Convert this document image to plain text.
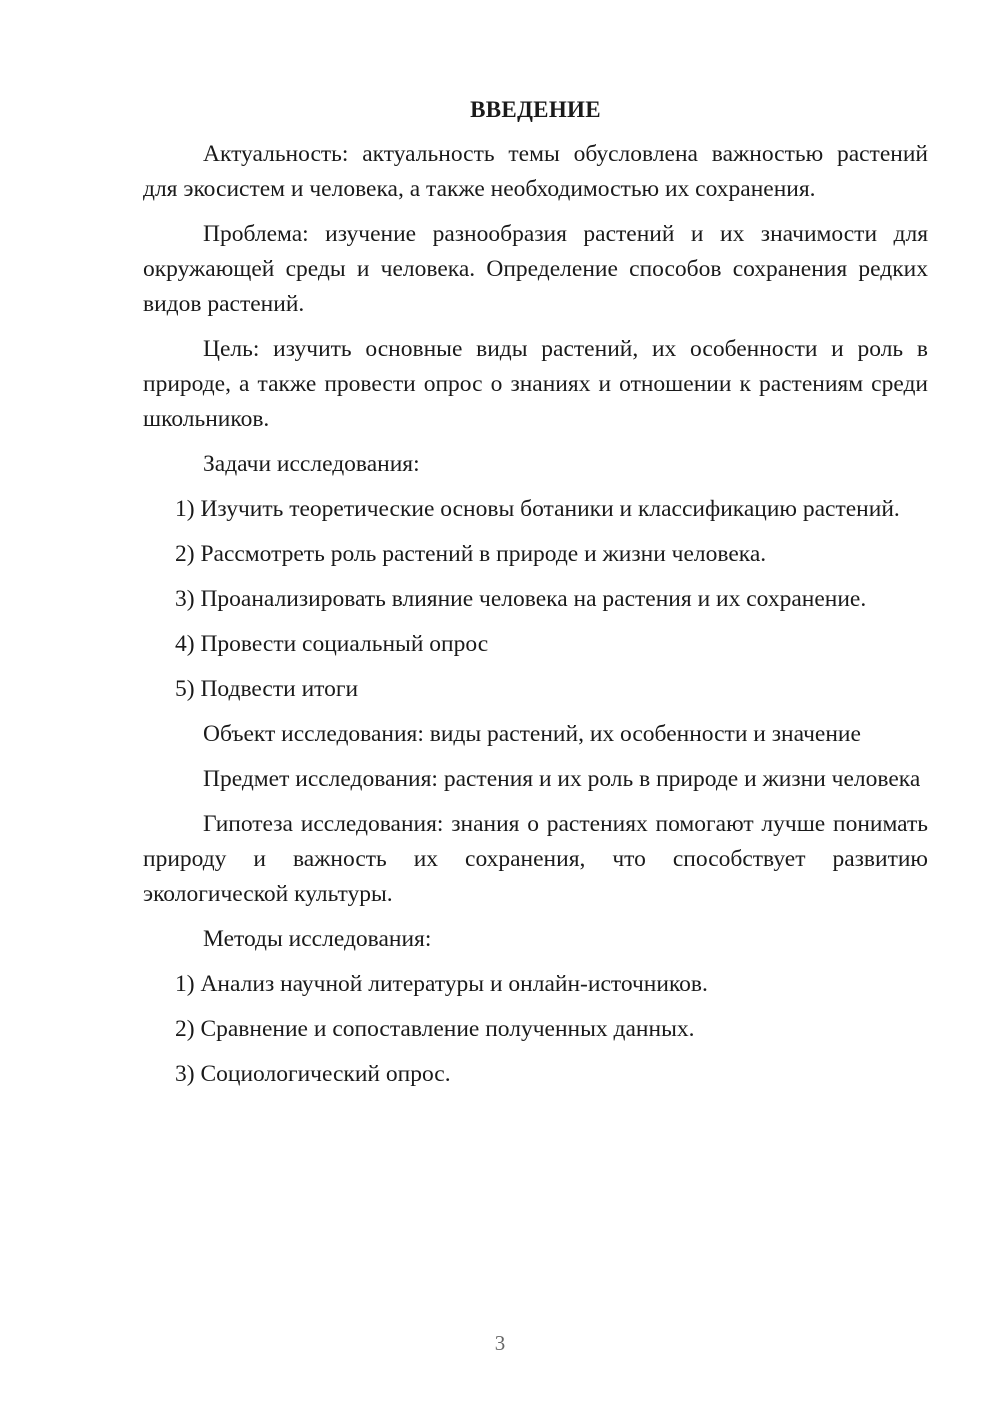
ВВЕДЕНИЕ

Актуальность: актуальность темы обусловлена важностью растений для экосистем и человека, а также необходимостью их сохранения.

Проблема: изучение разнообразия растений и их значимости для окружающей среды и человека. Определение способов сохранения редких видов растений.

Цель: изучить основные виды растений, их особенности и роль в природе, а также провести опрос о знаниях и отношении к растениям среди школьников.

Задачи исследования:

1) Изучить теоретические основы ботаники и классификацию растений.

2) Рассмотреть роль растений в природе и жизни человека.

3) Проанализировать влияние человека на растения и их сохранение.

4) Провести социальный опрос

5) Подвести итоги

Объект исследования: виды растений, их особенности и значение

Предмет исследования: растения и их роль в природе и жизни человека

Гипотеза исследования: знания о растениях помогают лучше понимать природу и важность их сохранения, что способствует развитию экологической культуры.

Методы исследования:

1) Анализ научной литературы и онлайн-источников.

2) Сравнение и сопоставление полученных данных.

3) Социологический опрос.

3
